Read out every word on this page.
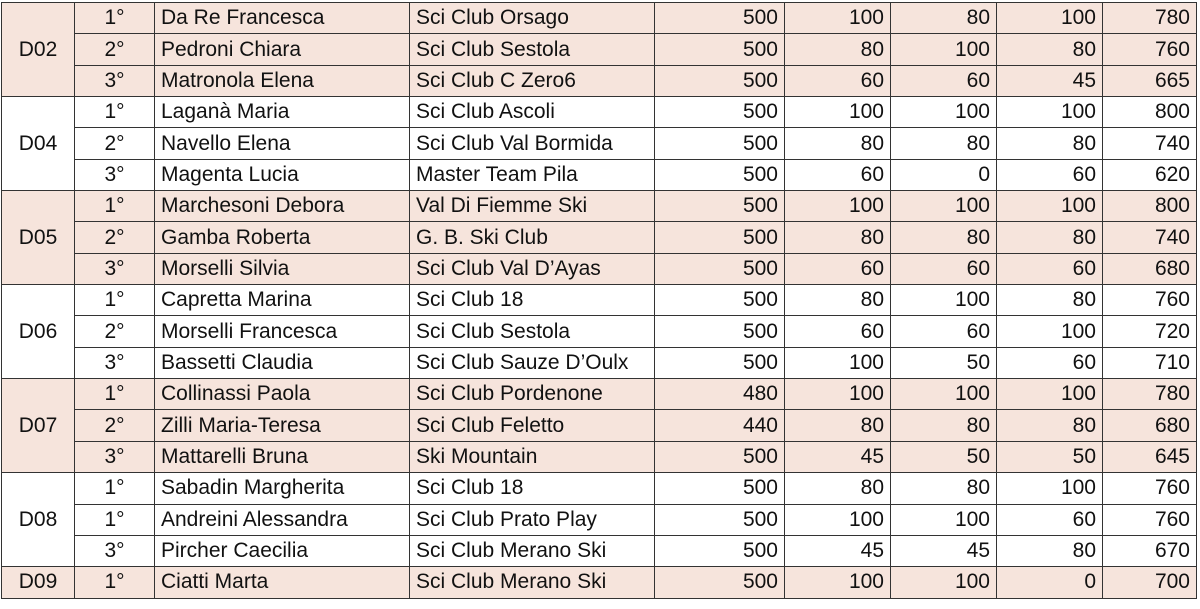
D02	1°	Da Re Francesca	Sci Club Orsago	500	100	80	100	780
	2°	Pedroni Chiara	Sci Club Sestola	500	80	100	80	760
	3°	Matronola Elena	Sci Club C Zero6	500	60	60	45	665
D04	1°	Laganà Maria	Sci Club Ascoli	500	100	100	100	800
	2°	Navello Elena	Sci Club Val Bormida	500	80	80	80	740
	3°	Magenta Lucia	Master Team Pila	500	60	0	60	620
D05	1°	Marchesoni Debora	Val Di Fiemme Ski	500	100	100	100	800
	2°	Gamba Roberta	G. B. Ski Club	500	80	80	80	740
	3°	Morselli Silvia	Sci Club Val D’Ayas	500	60	60	60	680
D06	1°	Capretta Marina	Sci Club 18	500	80	100	80	760
	2°	Morselli Francesca	Sci Club Sestola	500	60	60	100	720
	3°	Bassetti Claudia	Sci Club Sauze D’Oulx	500	100	50	60	710
D07	1°	Collinassi Paola	Sci Club Pordenone	480	100	100	100	780
	2°	Zilli Maria-Teresa	Sci Club Feletto	440	80	80	80	680
	3°	Mattarelli Bruna	Ski Mountain	500	45	50	50	645
D08	1°	Sabadin Margherita	Sci Club 18	500	80	80	100	760
	1°	Andreini Alessandra	Sci Club Prato Play	500	100	100	60	760
	3°	Pircher Caecilia	Sci Club Merano Ski	500	45	45	80	670
D09	1°	Ciatti Marta	Sci Club Merano Ski	500	100	100	0	700
